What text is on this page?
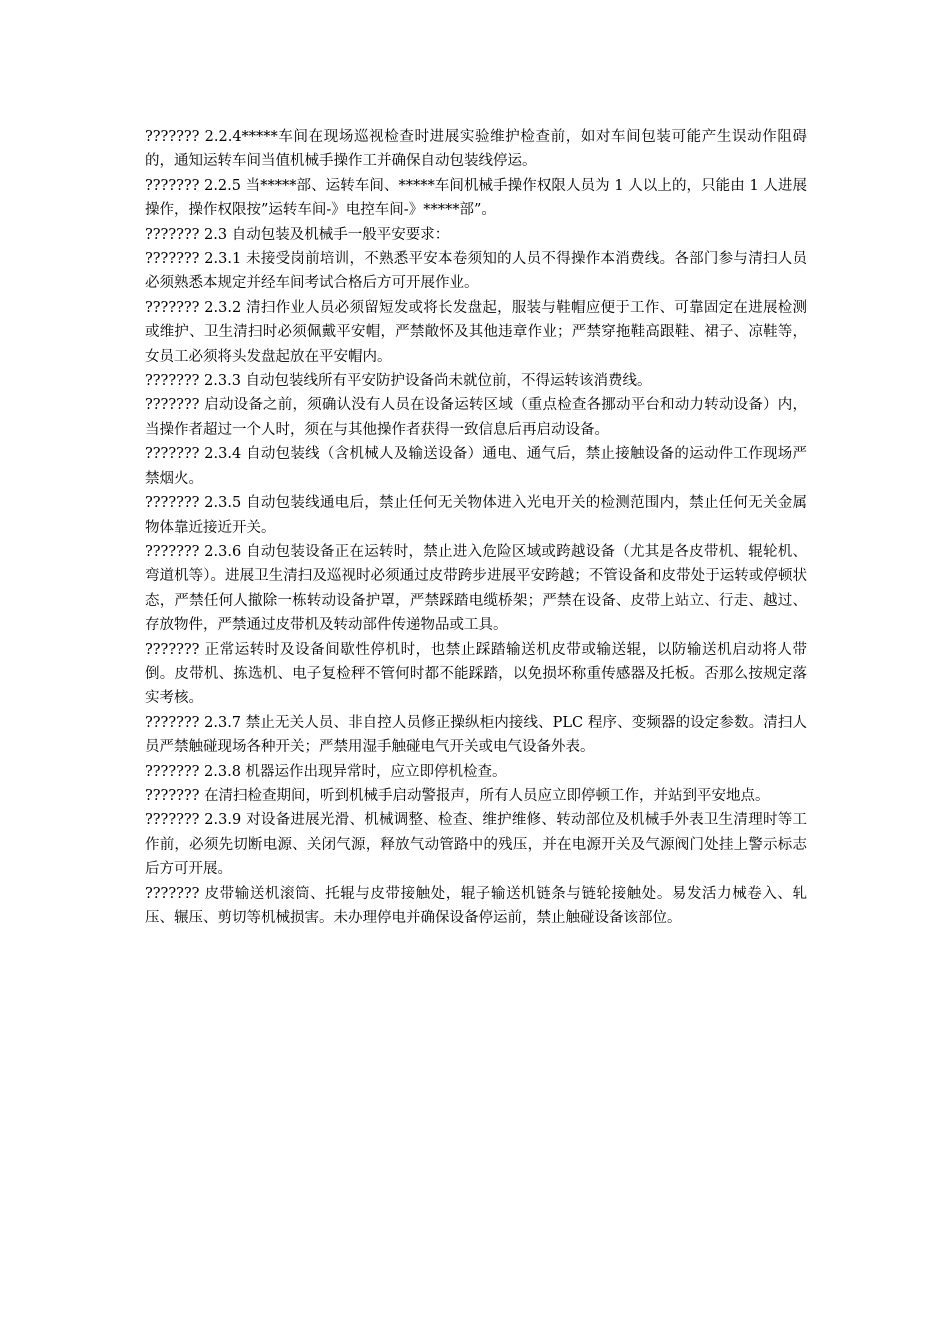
??????? 2.2.4*****车间在现场巡视检查时进展实验维护检查前，如对车间包装可能产生误动作阻碍的，通知运转车间当值机械手操作工并确保自动包装线停运。

??????? 2.2.5 当*****部、运转车间、*****车间机械手操作权限人员为 1 人以上的，只能由 1 人进展操作，操作权限按”运转车间-》电控车间-》*****部”。

??????? 2.3 自动包装及机械手一般平安要求：

??????? 2.3.1 未接受岗前培训，不熟悉平安本卷须知的人员不得操作本消费线。各部门参与清扫人员必须熟悉本规定并经车间考试合格后方可开展作业。

??????? 2.3.2 清扫作业人员必须留短发或将长发盘起，服装与鞋帽应便于工作、可靠固定在进展检测或维护、卫生清扫时必须佩戴平安帽，严禁敞怀及其他违章作业；严禁穿拖鞋高跟鞋、裙子、凉鞋等，女员工必须将头发盘起放在平安帽内。

??????? 2.3.3 自动包装线所有平安防护设备尚未就位前，不得运转该消费线。

??????? 启动设备之前，须确认没有人员在设备运转区域（重点检查各挪动平台和动力转动设备）内，当操作者超过一个人时，须在与其他操作者获得一致信息后再启动设备。

??????? 2.3.4 自动包装线（含机械人及输送设备）通电、通气后，禁止接触设备的运动件工作现场严禁烟火。

??????? 2.3.5 自动包装线通电后，禁止任何无关物体进入光电开关的检测范围内，禁止任何无关金属物体靠近接近开关。

??????? 2.3.6 自动包装设备正在运转时，禁止进入危险区域或跨越设备（尤其是各皮带机、辊轮机、弯道机等）。进展卫生清扫及巡视时必须通过皮带跨步进展平安跨越；不管设备和皮带处于运转或停顿状态，严禁任何人撤除一栋转动设备护罩，严禁踩踏电缆桥架；严禁在设备、皮带上站立、行走、越过、存放物件，严禁通过皮带机及转动部件传递物品或工具。

??????? 正常运转时及设备间歇性停机时，也禁止踩踏输送机皮带或输送辊，以防输送机启动将人带倒。皮带机、拣选机、电子复检秤不管何时都不能踩踏，以免损坏称重传感器及托板。否那么按规定落实考核。

??????? 2.3.7 禁止无关人员、非自控人员修正操纵柜内接线、PLC 程序、变频器的设定参数。清扫人员严禁触碰现场各种开关；严禁用湿手触碰电气开关或电气设备外表。

??????? 2.3.8 机器运作出现异常时，应立即停机检查。

??????? 在清扫检查期间，听到机械手启动警报声，所有人员应立即停顿工作，并站到平安地点。

??????? 2.3.9 对设备进展光滑、机械调整、检查、维护维修、转动部位及机械手外表卫生清理时等工作前，必须先切断电源、关闭气源，释放气动管路中的残压，并在电源开关及气源阀门处挂上警示标志后方可开展。

??????? 皮带输送机滚筒、托辊与皮带接触处，辊子输送机链条与链轮接触处。易发活力械卷入、轧压、辗压、剪切等机械损害。未办理停电并确保设备停运前，禁止触碰设备该部位。
